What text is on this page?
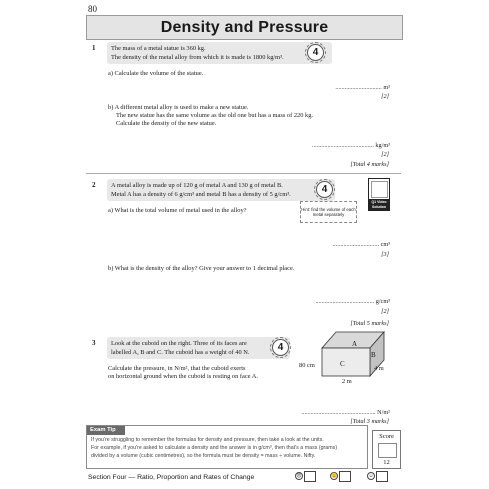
80
Density and Pressure
1 The mass of a metal statue is 360 kg.
The density of the metal alloy from which it is made is 1800 kg/m³.	4
a) Calculate the volume of the statue.
.............................. m³
[2]
b) A different metal alloy is used to make a new statue.
The new statue has the same volume as the old one but has a mass of 220 kg.
Calculate the density of the new statue.
........................................ kg/m³
[2]
[Total 4 marks]
2 A metal alloy is made up of 120 g of metal A and 130 g of metal B.
Metal A has a density of 6 g/cm³ and metal B has a density of 5 g/cm³.	4
Q1 Video Solution
a) What is the total volume of metal used in the alloy?	Hint: find the volume of each metal separately
.............................. cm³
[3]
b) What is the density of the alloy? Give your answer to 1 decimal place.
...................................... g/cm³
[2]
[Total 5 marks]
3 Look at the cuboid on the right. Three of its faces are
labelled A, B and C. The cuboid has a weight of 40 N.	4
Calculate the pressure, in N/m², that the cuboid exerts
on horizontal ground when the cuboid is resting on face A.
A
B
C
80 cm
2 m
4 m
................................................ N/m²
[Total 3 marks]
Exam Tip
If you're struggling to remember the formulas for density and pressure, then take a look at the units.
For example, if you're asked to calculate a density and the answer is in g/cm³, then that's a mass (grams)
divided by a volume (cubic centimetres), so the formula must be density = mass ÷ volume. Nifty.
Score
12
Section Four — Ratio, Proportion and Rates of Change	☹	😐	☺
